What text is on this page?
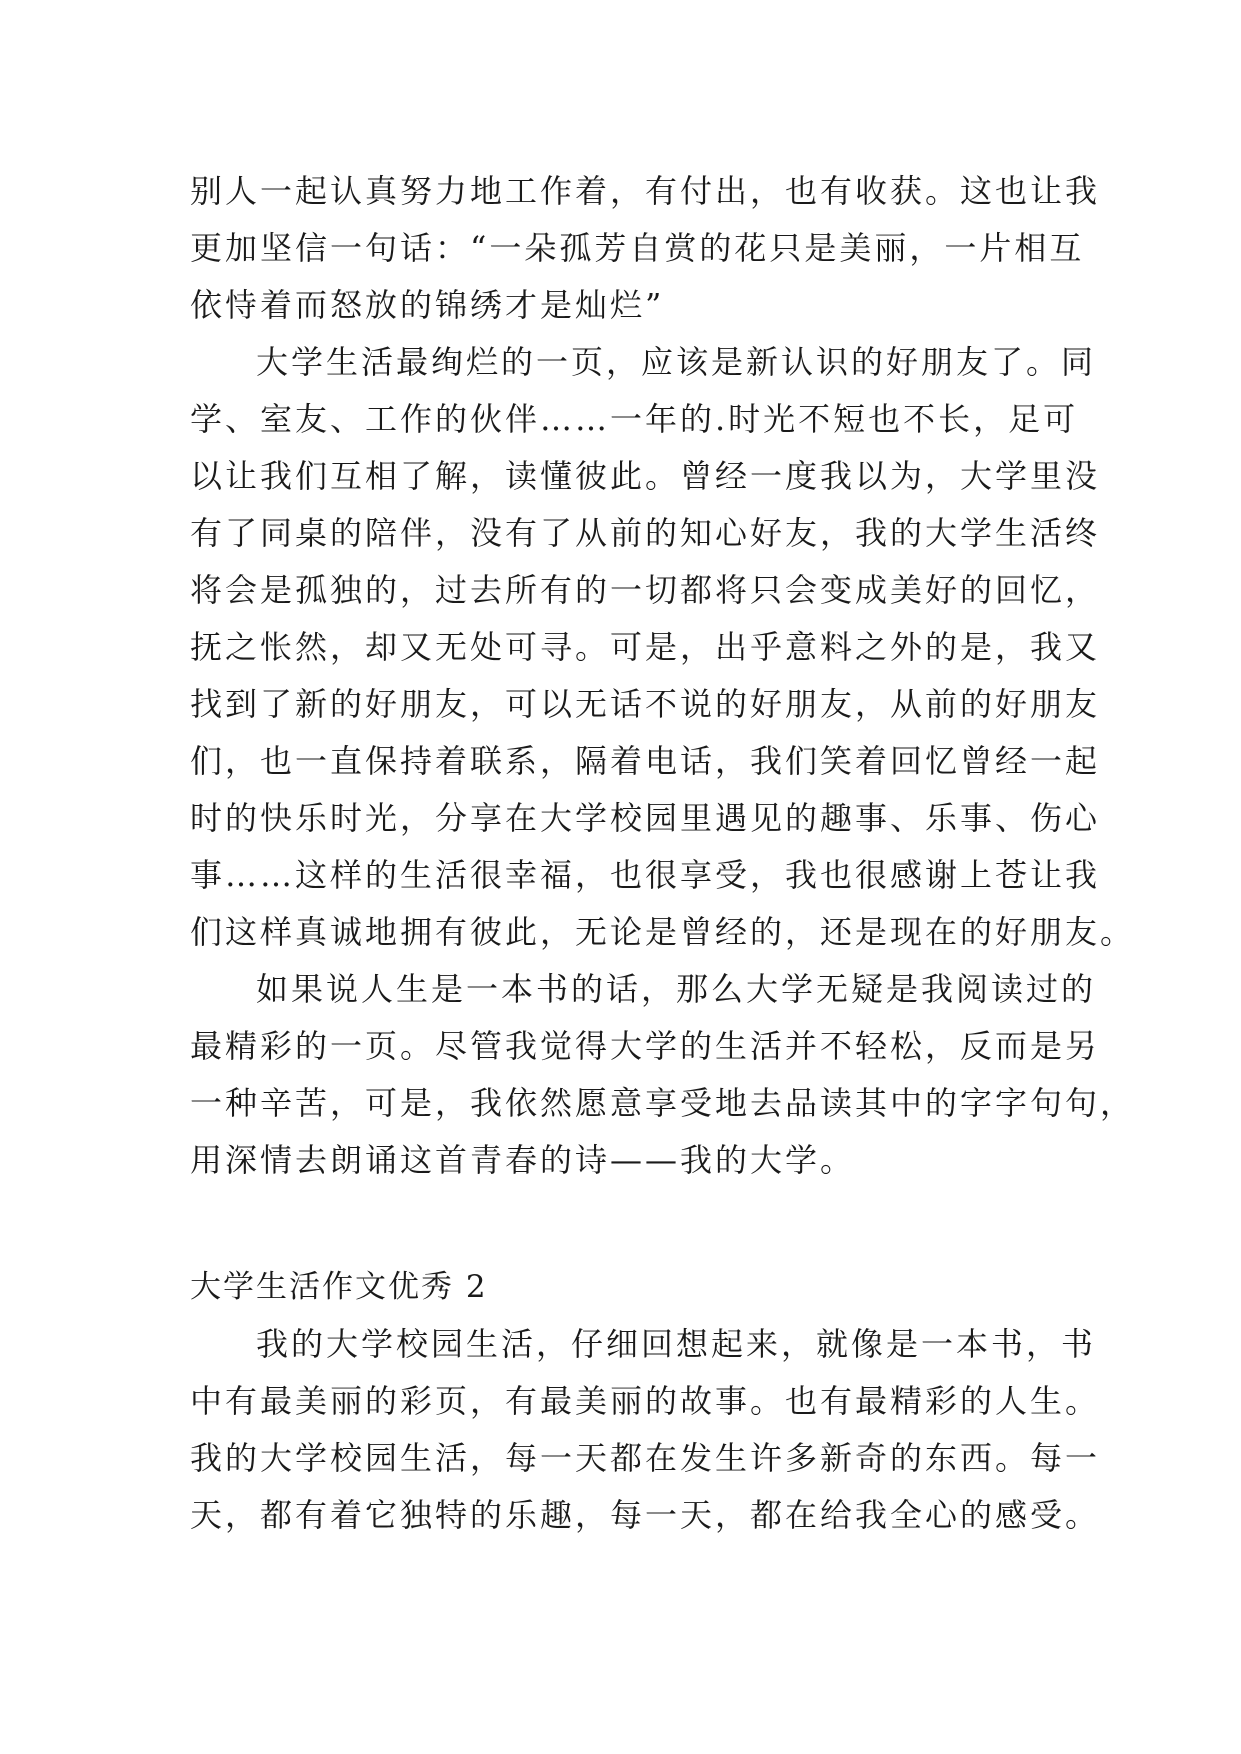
别人一起认真努力地工作着，有付出，也有收获。这也让我
更加坚信一句话：“一朵孤芳自赏的花只是美丽，一片相互
依恃着而怒放的锦绣才是灿烂”
大学生活最绚烂的一页，应该是新认识的好朋友了。同
学、室友、工作的伙伴……一年的.时光不短也不长，足可
以让我们互相了解，读懂彼此。曾经一度我以为，大学里没
有了同桌的陪伴，没有了从前的知心好友，我的大学生活终
将会是孤独的，过去所有的一切都将只会变成美好的回忆，
抚之怅然，却又无处可寻。可是，出乎意料之外的是，我又
找到了新的好朋友，可以无话不说的好朋友，从前的好朋友
们，也一直保持着联系，隔着电话，我们笑着回忆曾经一起
时的快乐时光，分享在大学校园里遇见的趣事、乐事、伤心
事……这样的生活很幸福，也很享受，我也很感谢上苍让我
们这样真诚地拥有彼此，无论是曾经的，还是现在的好朋友。
如果说人生是一本书的话，那么大学无疑是我阅读过的
最精彩的一页。尽管我觉得大学的生活并不轻松，反而是另
一种辛苦，可是，我依然愿意享受地去品读其中的字字句句，
用深情去朗诵这首青春的诗——我的大学。
大学生活作文优秀 2
我的大学校园生活，仔细回想起来，就像是一本书，书
中有最美丽的彩页，有最美丽的故事。也有最精彩的人生。
我的大学校园生活，每一天都在发生许多新奇的东西。每一
天，都有着它独特的乐趣，每一天，都在给我全心的感受。
